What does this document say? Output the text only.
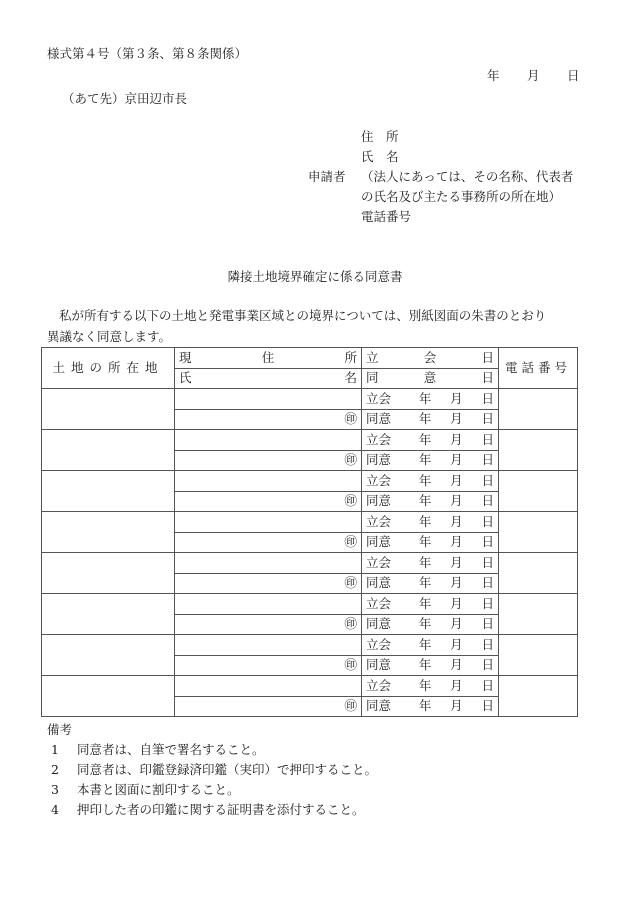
様式第４号（第３条、第８条関係）
年 月 日
（あて先）京田辺市長
住　所
氏　名
申請者 （法人にあっては、その名称、代表者
の氏名及び主たる事務所の所在地）
電話番号
隣接土地境界確定に係る同意書
私が所有する以下の土地と発電事業区域との境界については、別紙図面の朱書のとおり
異議なく同意します。
土地の所在地	現 住 所	立 会 日	電話番号

	氏 名	同 意 日	

		立会 年 月 日	

	㊞	同意 年 月 日	

		立会 年 月 日	

	㊞	同意 年 月 日	

		立会 年 月 日	

	㊞	同意 年 月 日	

		立会 年 月 日	

	㊞	同意 年 月 日	

		立会 年 月 日	

	㊞	同意 年 月 日	

		立会 年 月 日	

	㊞	同意 年 月 日	

		立会 年 月 日	

	㊞	同意 年 月 日	

		立会 年 月 日	

	㊞	同意 年 月 日	
備考
1	同意者は、自筆で署名すること。
2	同意者は、印鑑登録済印鑑（実印）で押印すること。
3	本書と図面に割印すること。
4	押印した者の印鑑に関する証明書を添付すること。
